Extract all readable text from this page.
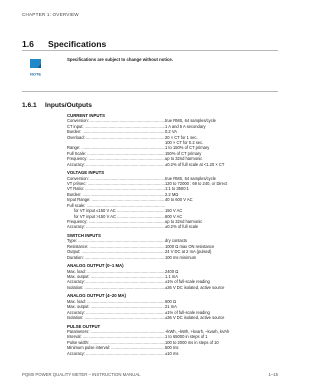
CHAPTER 1: OVERVIEW
1.6 Specifications
NOTE
Specifications are subject to change without notice.
1.6.1 Inputs/Outputs
CURRENT INPUTS
Conversion: .....	true RMS, 64 samples/cycle
CT input: .....	1 A and 5 A secondary
Burden: .....	0.2 VA
Overload: .....	20 × CT for 1 sec.
100 × CT for 0.2 sec.
Range: .....	1 to 150% of CT primary
Full Scale: .....	150% of CT primary
Frequency: .....	up to 32nd harmonic
Accuracy: .....	±0.2% of full scale at <1.20 × CT
VOLTAGE INPUTS
Conversion: .....	true RMS, 64 samples/cycle
VT pri/sec: .....	120 to 72000 : 69 to 240, or Direct
VT Ratio: .....	1:1 to 3500:1
Burden: .....	2.2 MΩ
Input Range: .....	40 to 600 V AC
Full scale: .....
for VT input ≤150 V AC .....	150 V AC
for VT input >150 V AC .....	600 V AC
Frequency: .....	up to 32nd harmonic
Accuracy: .....	±0.2% of full scale
SWITCH INPUTS
Type: .....	dry contacts
Resistance: .....	1000 Ω max ON resistance
Output: .....	24 V DC at 2 mA (pulsed)
Duration: .....	100 ms minimum
ANALOG OUTPUT (0–1 MA)
Max. load: .....	2400 Ω
Max. output: .....	1.1 mA
Accuracy: .....	±1% of full-scale reading
Isolation: .....	±36 V DC isolated, active source
ANALOG OUTPUT (4–20 MA)
Max. load: .....	600 Ω
Max. output: .....	21 mA
Accuracy: .....	±1% of full-scale reading
Isolation: .....	±36 V DC isolated, active source
PULSE OUTPUT
Parameters: .....	+kWh, –kWh, +kvarh, –kvarh, kVAh
Interval: .....	1 to 65000 in steps of 1
Pulse width: .....	100 to 2000 ms in steps of 10
Minimum pulse interval: .....	500 ms
Accuracy: .....	±10 ms
PQMII POWER QUALITY METER – INSTRUCTION MANUAL	1–15
